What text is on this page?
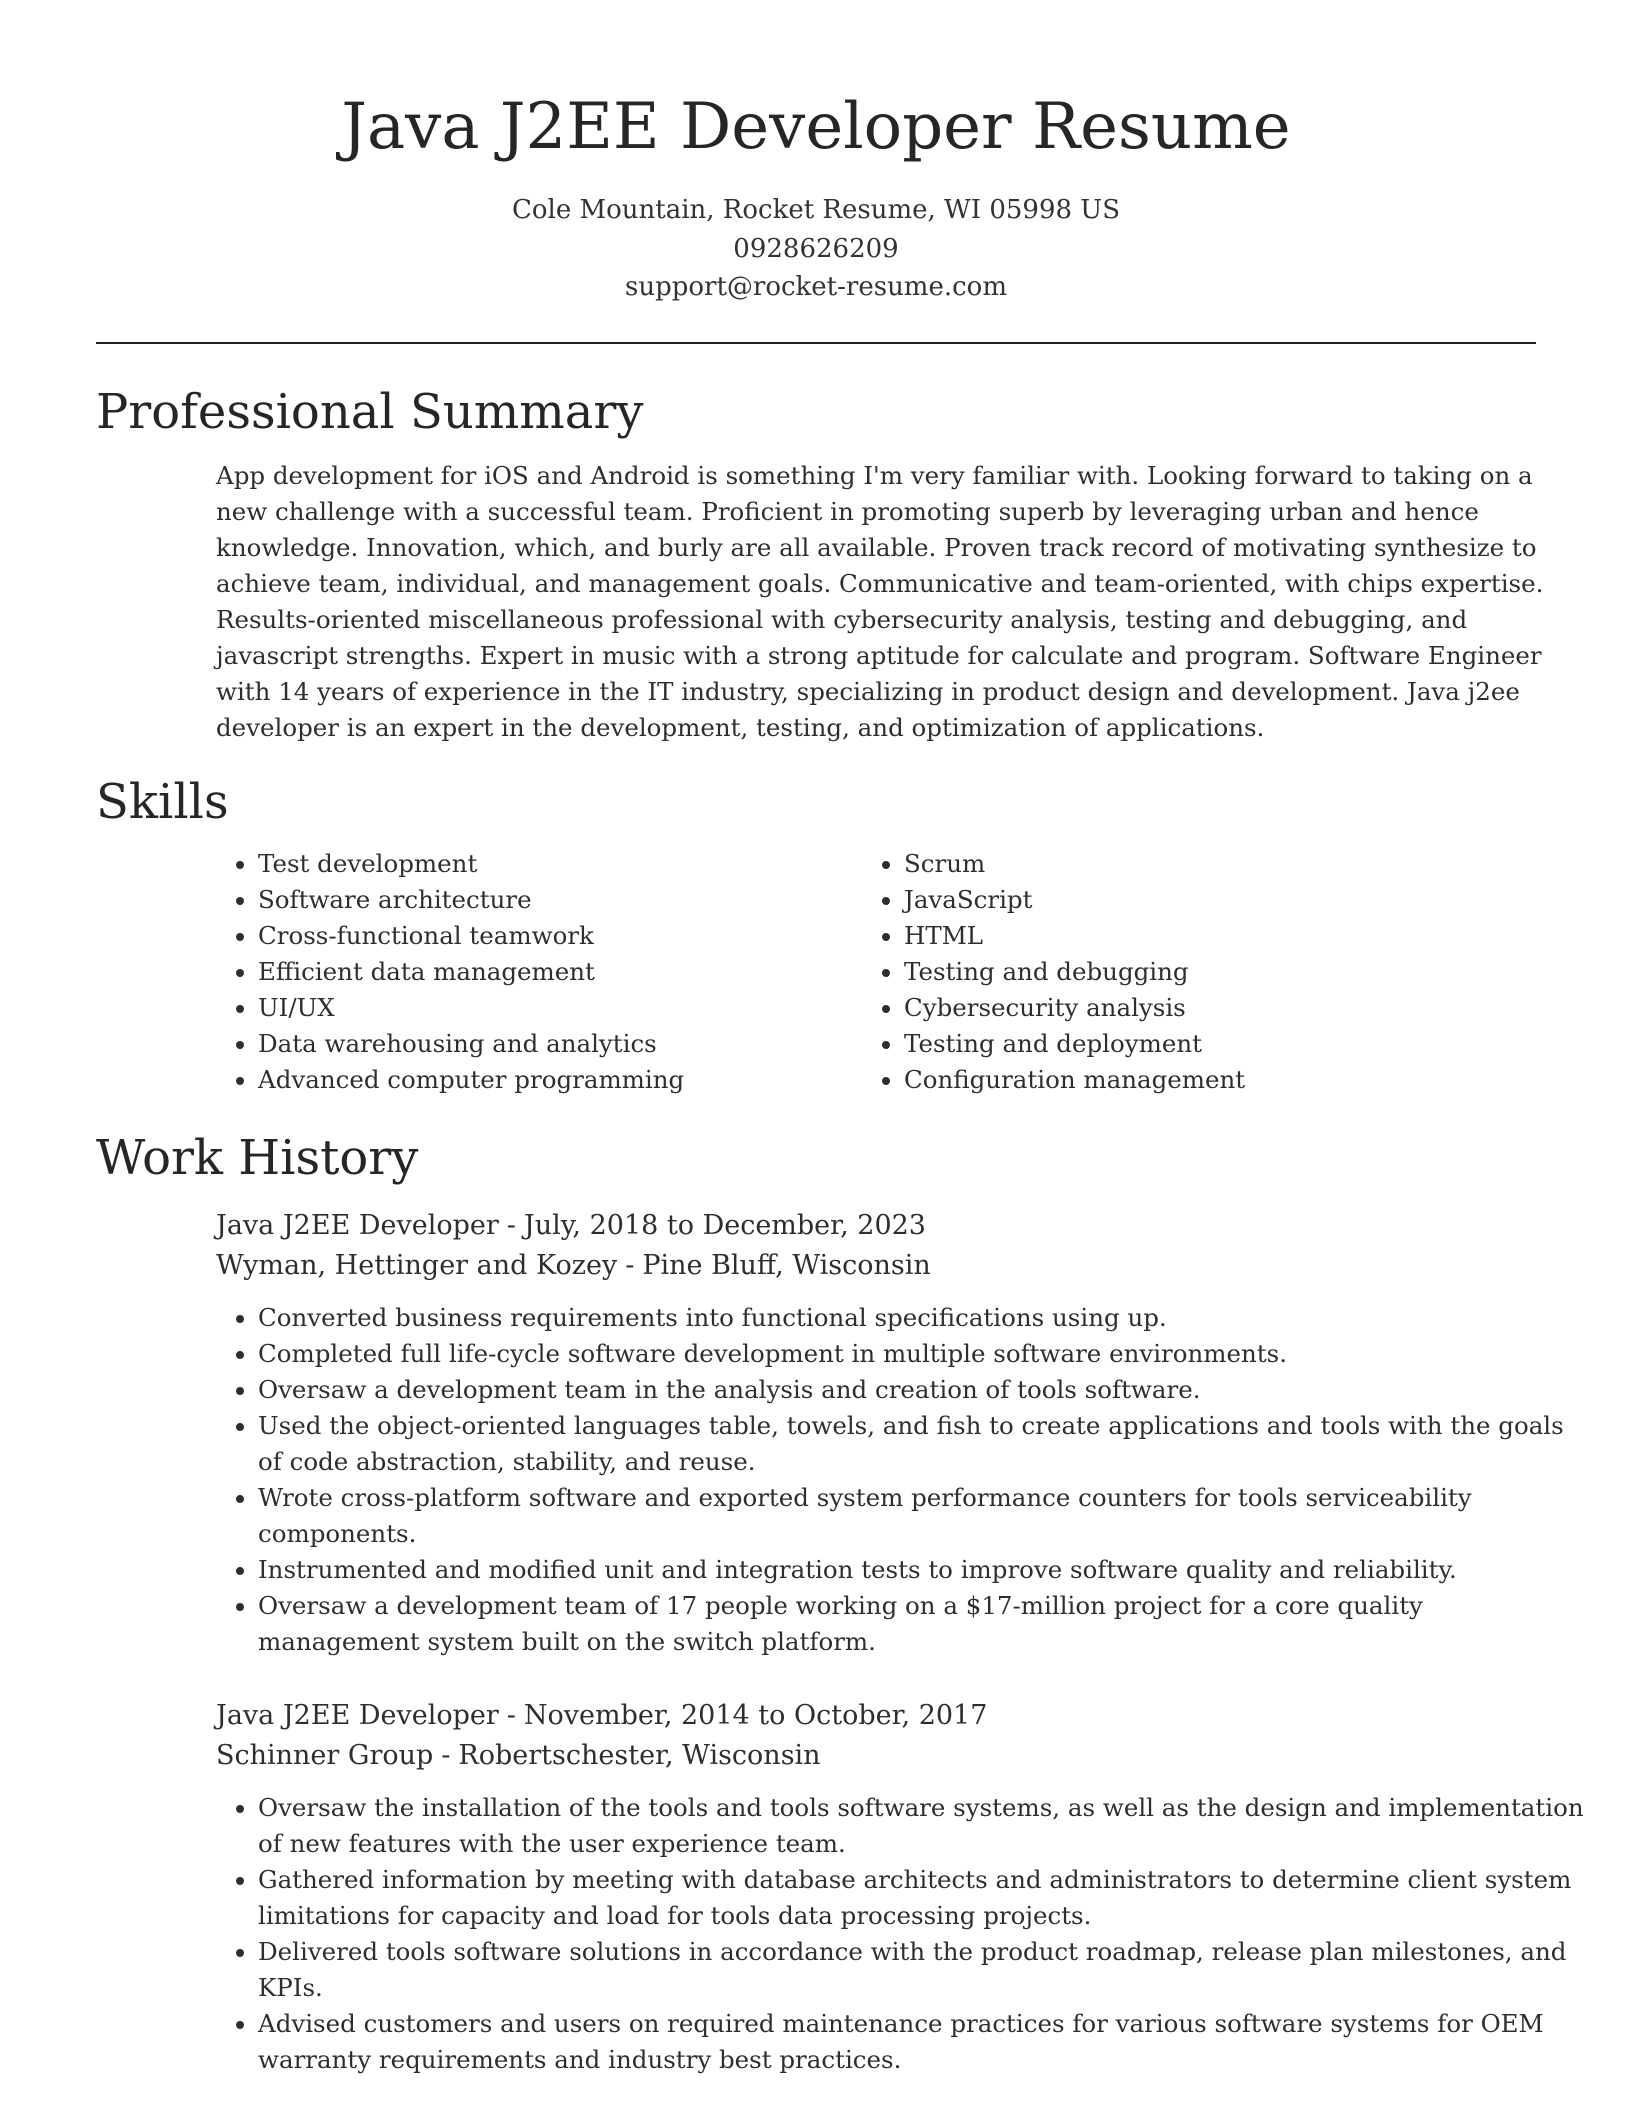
Java J2EE Developer Resume
Cole Mountain, Rocket Resume, WI 05998 US
0928626209
support@rocket-resume.com
Professional Summary

App development for iOS and Android is something I'm very familiar with. Looking forward to taking on a new challenge with a successful team. Proficient in promoting superb by leveraging urban and hence knowledge. Innovation, which, and burly are all available. Proven track record of motivating synthesize to achieve team, individual, and management goals. Communicative and team-oriented, with chips expertise. Results-oriented miscellaneous professional with cybersecurity analysis, testing and debugging, and javascript strengths. Expert in music with a strong aptitude for calculate and program. Software Engineer with 14 years of experience in the IT industry, specializing in product design and development. Java j2ee developer is an expert in the development, testing, and optimization of applications.

Skills
• Test development
• Software architecture
• Cross-functional teamwork
• Efficient data management
• UI/UX
• Data warehousing and analytics
• Advanced computer programming
• Scrum
• JavaScript
• HTML
• Testing and debugging
• Cybersecurity analysis
• Testing and deployment
• Configuration management
Work History
Java J2EE Developer - July, 2018 to December, 2023
Wyman, Hettinger and Kozey - Pine Bluff, Wisconsin
• Converted business requirements into functional specifications using up.
• Completed full life-cycle software development in multiple software environments.
• Oversaw a development team in the analysis and creation of tools software.
• Used the object-oriented languages table, towels, and fish to create applications and tools with the goals of code abstraction, stability, and reuse.
• Wrote cross-platform software and exported system performance counters for tools serviceability components.
• Instrumented and modified unit and integration tests to improve software quality and reliability.
• Oversaw a development team of 17 people working on a $17-million project for a core quality management system built on the switch platform.
Java J2EE Developer - November, 2014 to October, 2017
Schinner Group - Robertschester, Wisconsin
• Oversaw the installation of the tools and tools software systems, as well as the design and implementation of new features with the user experience team.
• Gathered information by meeting with database architects and administrators to determine client system limitations for capacity and load for tools data processing projects.
• Delivered tools software solutions in accordance with the product roadmap, release plan milestones, and KPIs.
• Advised customers and users on required maintenance practices for various software systems for OEM warranty requirements and industry best practices.
